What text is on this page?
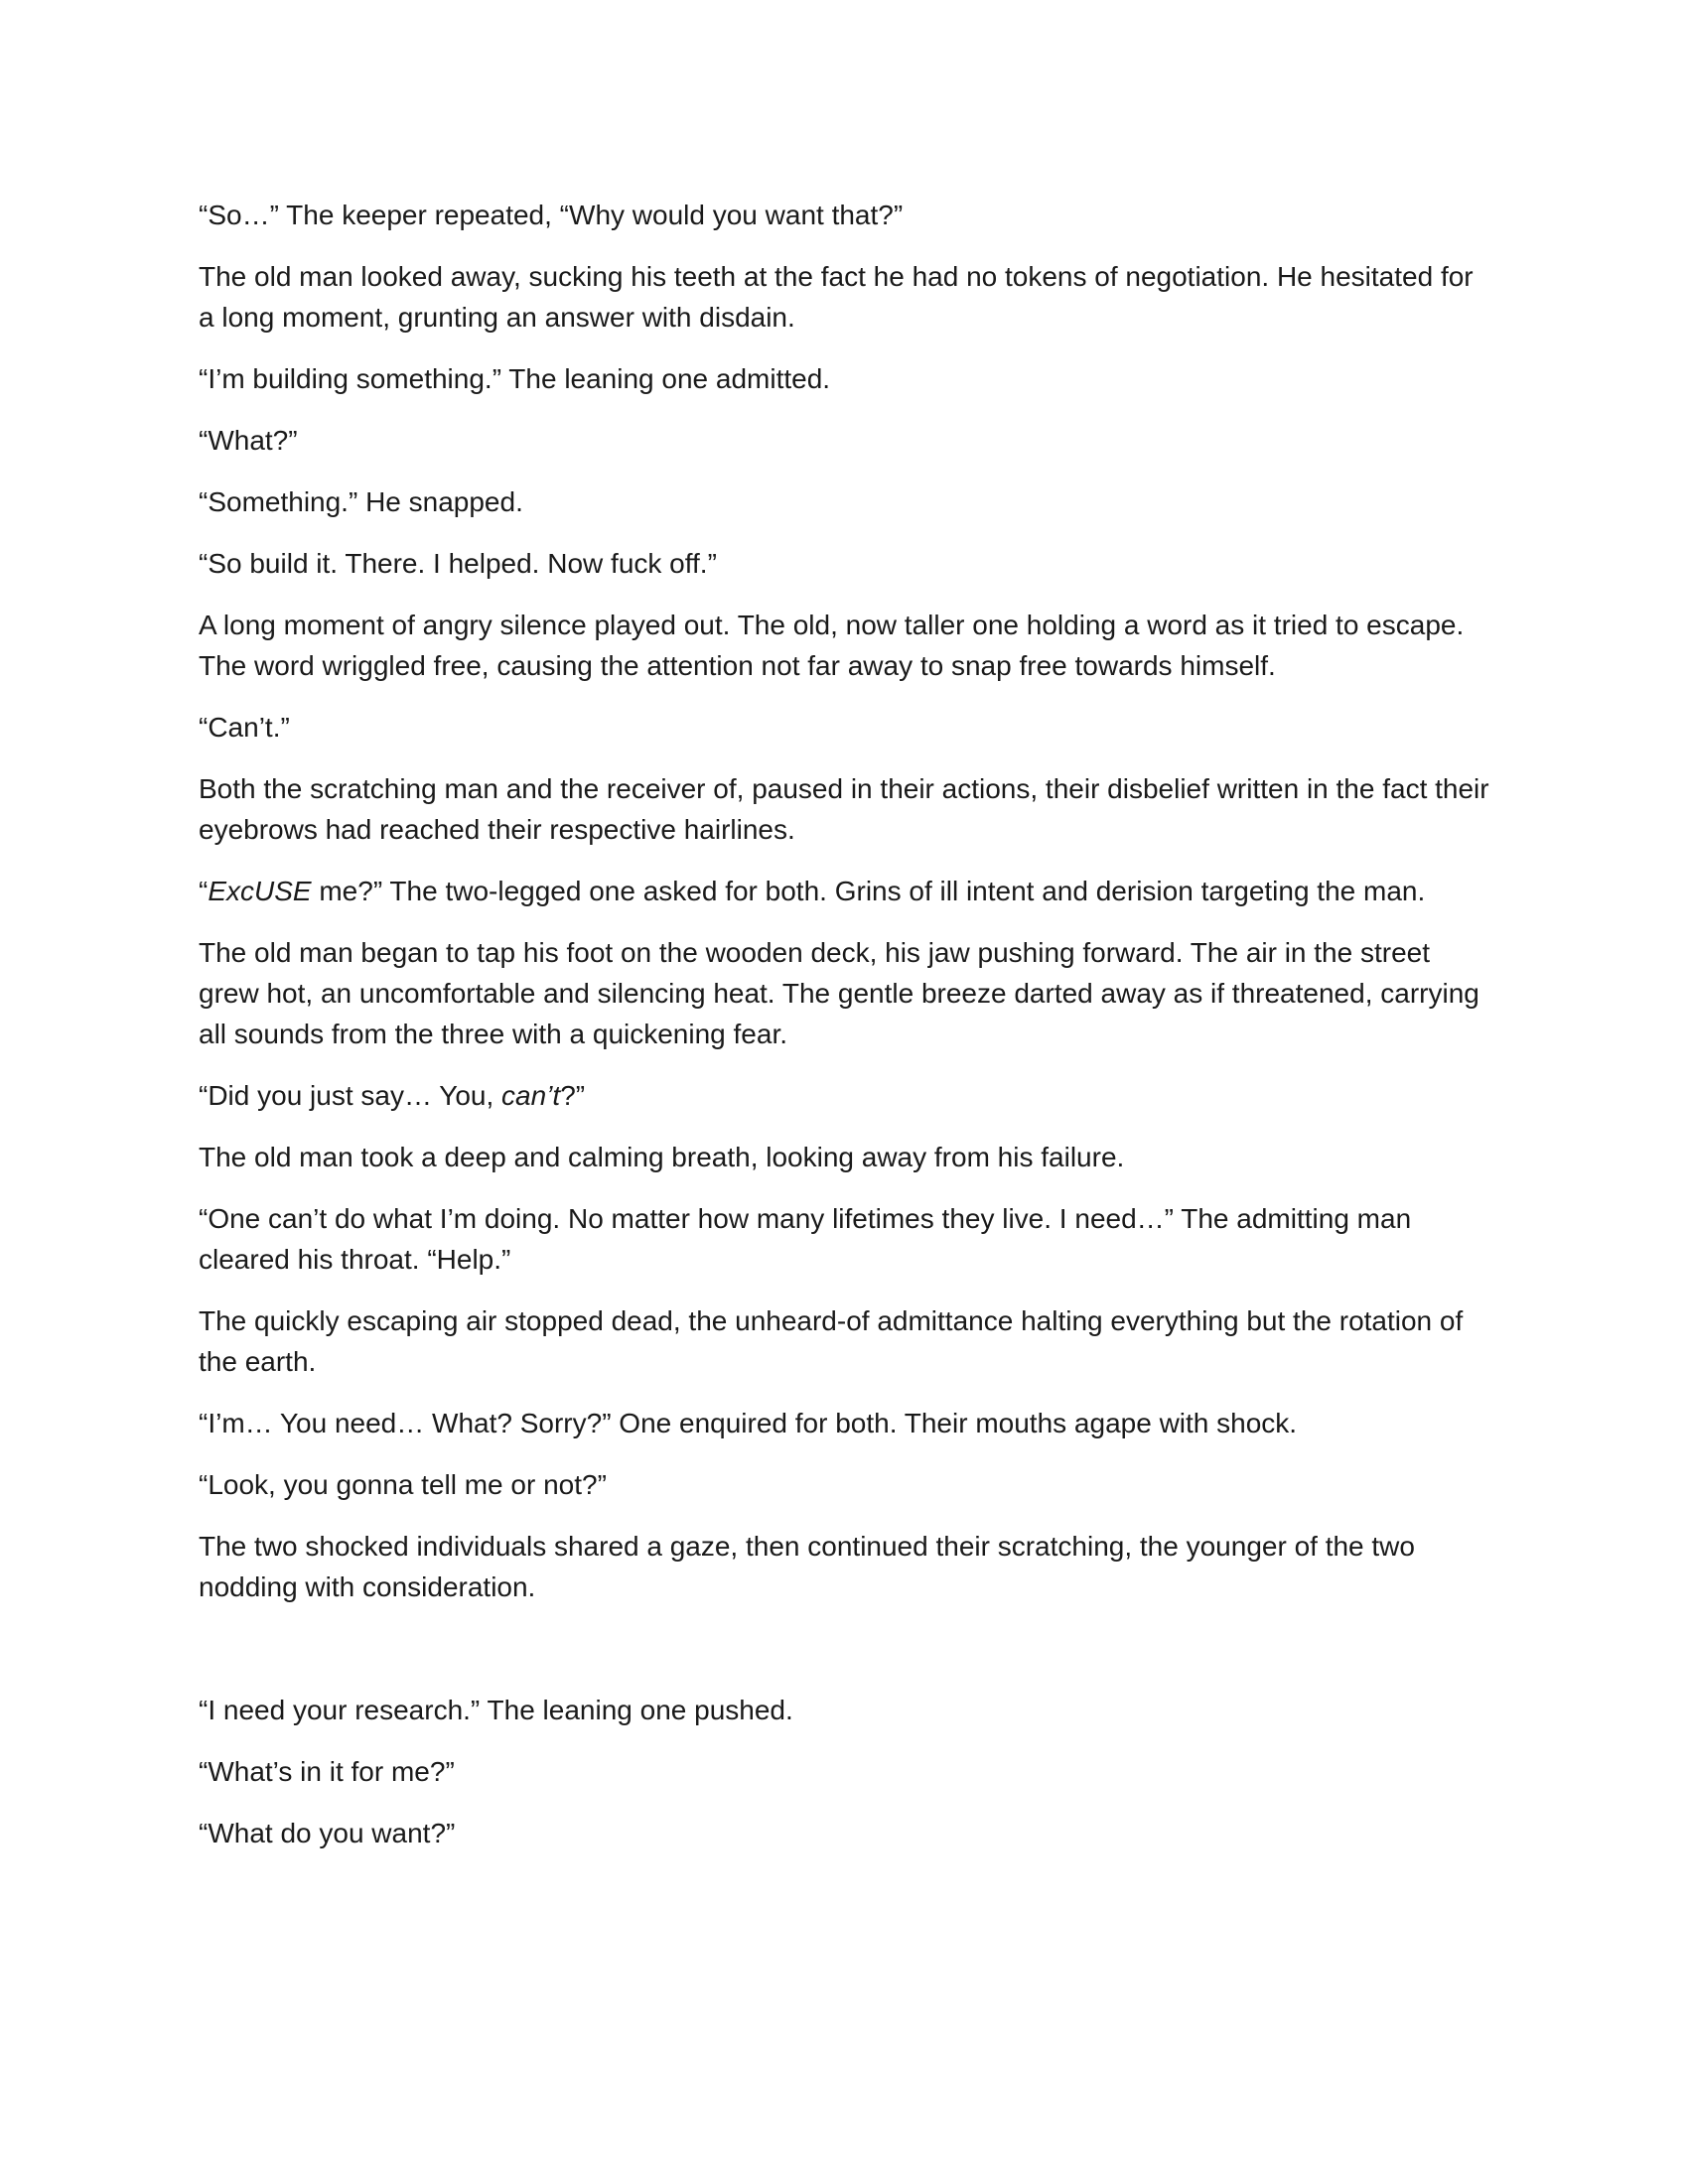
“So…” The keeper repeated, “Why would you want that?”

The old man looked away, sucking his teeth at the fact he had no tokens of negotiation. He hesitated for a long moment, grunting an answer with disdain.

“I’m building something.” The leaning one admitted.

“What?”

“Something.” He snapped.

“So build it. There. I helped. Now fuck off.”

A long moment of angry silence played out. The old, now taller one holding a word as it tried to escape. The word wriggled free, causing the attention not far away to snap free towards himself.

“Can’t.”

Both the scratching man and the receiver of, paused in their actions, their disbelief written in the fact their eyebrows had reached their respective hairlines.

“ExcUSE me?” The two-legged one asked for both. Grins of ill intent and derision targeting the man.

The old man began to tap his foot on the wooden deck, his jaw pushing forward. The air in the street grew hot, an uncomfortable and silencing heat. The gentle breeze darted away as if threatened, carrying all sounds from the three with a quickening fear.

“Did you just say… You, can’t?”

The old man took a deep and calming breath, looking away from his failure.

“One can’t do what I’m doing. No matter how many lifetimes they live. I need…” The admitting man cleared his throat. “Help.”

The quickly escaping air stopped dead, the unheard-of admittance halting everything but the rotation of the earth.

“I’m… You need… What? Sorry?” One enquired for both. Their mouths agape with shock.

“Look, you gonna tell me or not?”

The two shocked individuals shared a gaze, then continued their scratching, the younger of the two nodding with consideration.

“I need your research.” The leaning one pushed.

“What’s in it for me?”

“What do you want?”
